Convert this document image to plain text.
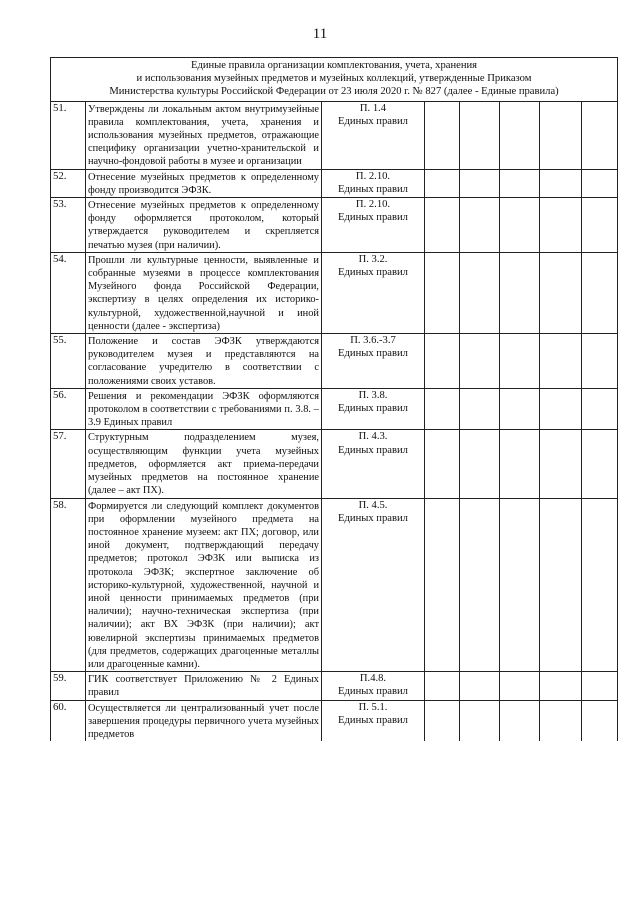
11
Единые правила организации комплектования, учета, хранения
и использования музейных предметов и музейных коллекций, утвержденные Приказом
Министерства культуры Российской Федерации от 23 июля 2020 г. № 827 (далее - Единые правила)							

51.	Утверждены ли локальным актом внутримузейные правила комплектования, учета, хранения и использования музейных предметов, отражающие специфику организации учетно-хранительской и научно-фондовой работы в музее и организации	П. 1.4
Единых правил					

52.	Отнесение музейных предметов к определенному фонду производится ЭФЗК.	П. 2.10.
Единых правил					

53.	Отнесение музейных предметов к определенному фонду оформляется протоколом, который утверждается руководителем и скрепляется печатью музея (при наличии).	П. 2.10.
Единых правил					

54.	Прошли ли культурные ценности, выявленные и собранные музеями в процессе комплектования Музейного фонда Российской Федерации, экспертизу в целях определения их историко-культурной, художественной,научной и иной ценности (далее - экспертиза)	П. 3.2.
Единых правил					

55.	Положение и состав ЭФЗК утверждаются руководителем музея и представляются на согласование учредителю в соответствии с положениями своих уставов.	П. 3.6.-3.7
Единых правил					

56.	Решения и рекомендации ЭФЗК оформляются протоколом в соответствии с требованиями п. 3.8. – 3.9 Единых правил	П. 3.8.
Единых правил					

57.	Структурным подразделением музея, осуществляющим функции учета музейных предметов, оформляется акт приема-передачи музейных предметов на постоянное хранение (далее – акт ПХ).	П. 4.3.
Единых правил					

58.	Формируется ли следующий комплект документов при оформлении музейного предмета на постоянное хранение музеем: акт ПХ; договор, или иной документ, подтверждающий передачу предметов; протокол ЭФЗК или выписка из протокола ЭФЗК; экспертное заключение об историко-культурной, художественной, научной и иной ценности принимаемых предметов (при наличии); научно-техническая экспертиза (при наличии); акт ВХ ЭФЗК (при наличии); акт ювелирной экспертизы принимаемых предметов (для предметов, содержащих драгоценные металлы или драгоценные камни).	П. 4.5.
Единых правил					

59.	ГИК соответствует Приложению № 2 Единых правил	П.4.8.
Единых правил					

60.	Осуществляется ли централизованный учет после завершения процедуры первичного учета музейных предметов	П. 5.1.
Единых правил					
